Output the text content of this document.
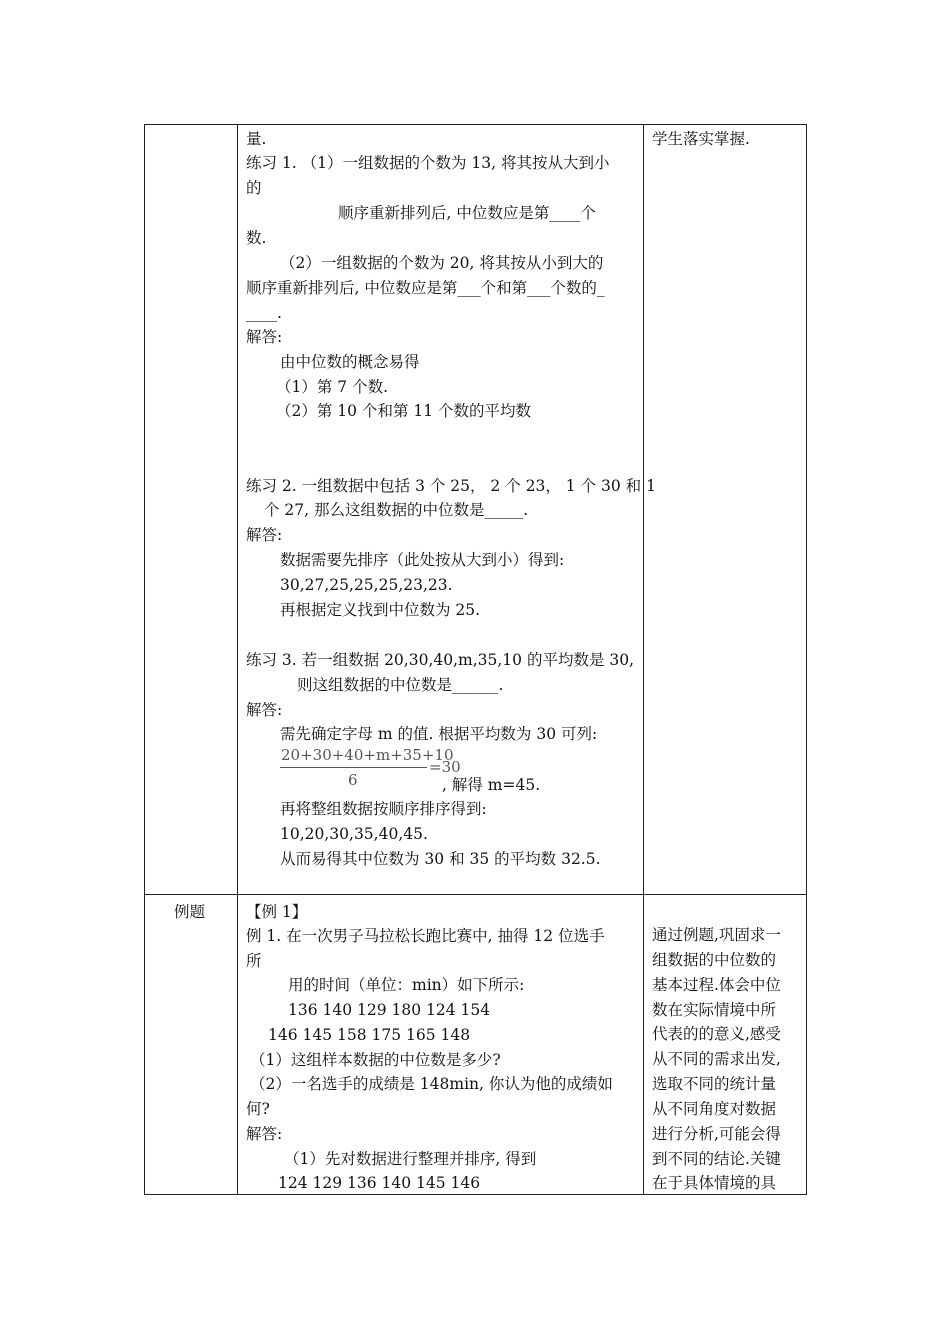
量.
练习 1. （1）一组数据的个数为 13, 将其按从大到小
的
顺序重新排列后, 中位数应是第____个
数.
（2）一组数据的个数为 20, 将其按从小到大的
顺序重新排列后, 中位数应是第___个和第___个数的_
____.
解答:
由中位数的概念易得
（1）第 7 个数.
（2）第 10 个和第 11 个数的平均数
练习 2. 一组数据中包括 3 个 25， 2 个 23， 1 个 30 和 1
个 27, 那么这组数据的中位数是_____.
解答:
数据需要先排序（此处按从大到小）得到:
30,27,25,25,25,23,23.
再根据定义找到中位数为 25.
练习 3. 若一组数据 20,30,40,m,35,10 的平均数是 30,
则这组数据的中位数是______.
解答:
需先确定字母 m 的值. 根据平均数为 30 可列:
20+30+40+m+35+10
6
=30
, 解得 m=45.
再将整组数据按顺序排序得到:
10,20,30,35,40,45.
从而易得其中位数为 30 和 35 的平均数 32.5.
学生落实掌握.
例题	【例 1】
例 1. 在一次男子马拉松长跑比赛中, 抽得 12 位选手
所
用的时间（单位：min）如下所示:
136 140 129 180 124 154
146 145 158 175 165 148
（1）这组样本数据的中位数是多少?
（2）一名选手的成绩是 148min, 你认为他的成绩如
何?
解答:
（1）先对数据进行整理并排序, 得到
124 129 136 140 145 146
通过例题,巩固求一
组数据的中位数的
基本过程.体会中位
数在实际情境中所
代表的的意义,感受
从不同的需求出发,
选取不同的统计量
从不同角度对数据
进行分析,可能会得
到不同的结论.关键
在于具体情境的具
